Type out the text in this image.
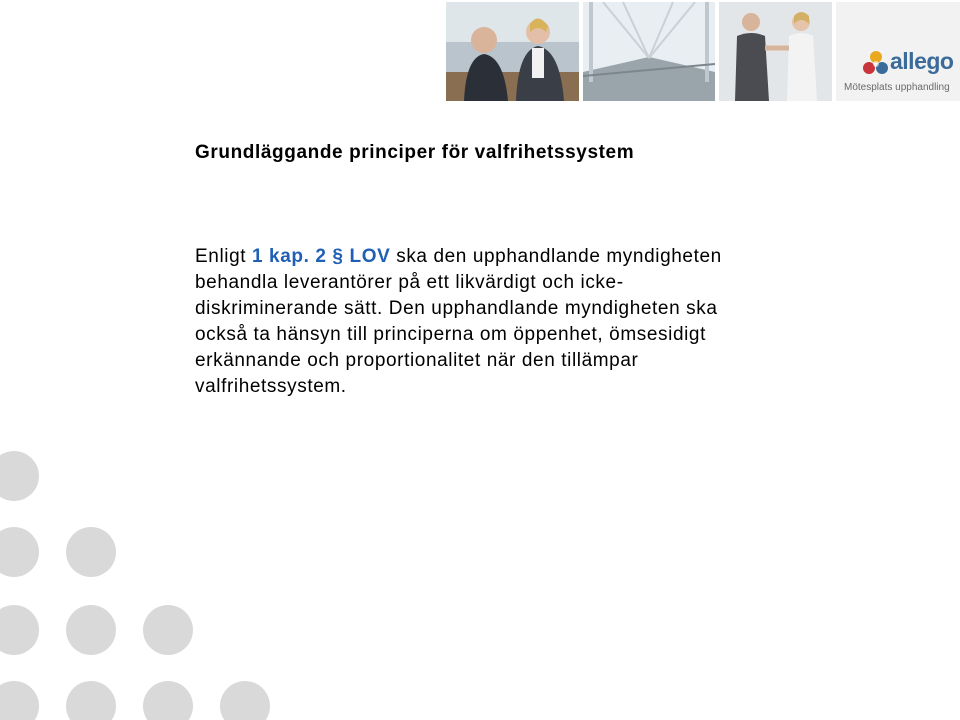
allego
Mötesplats upphandling
Grundläggande principer för valfrihetssystem
Enligt 1 kap. 2 § LOV ska den upphandlande myndigheten
behandla leverantörer på ett likvärdigt och icke-
diskriminerande sätt. Den upphandlande myndigheten ska
också ta hänsyn till principerna om öppenhet, ömsesidigt
erkännande och proportionalitet när den tillämpar
valfrihetssystem.
